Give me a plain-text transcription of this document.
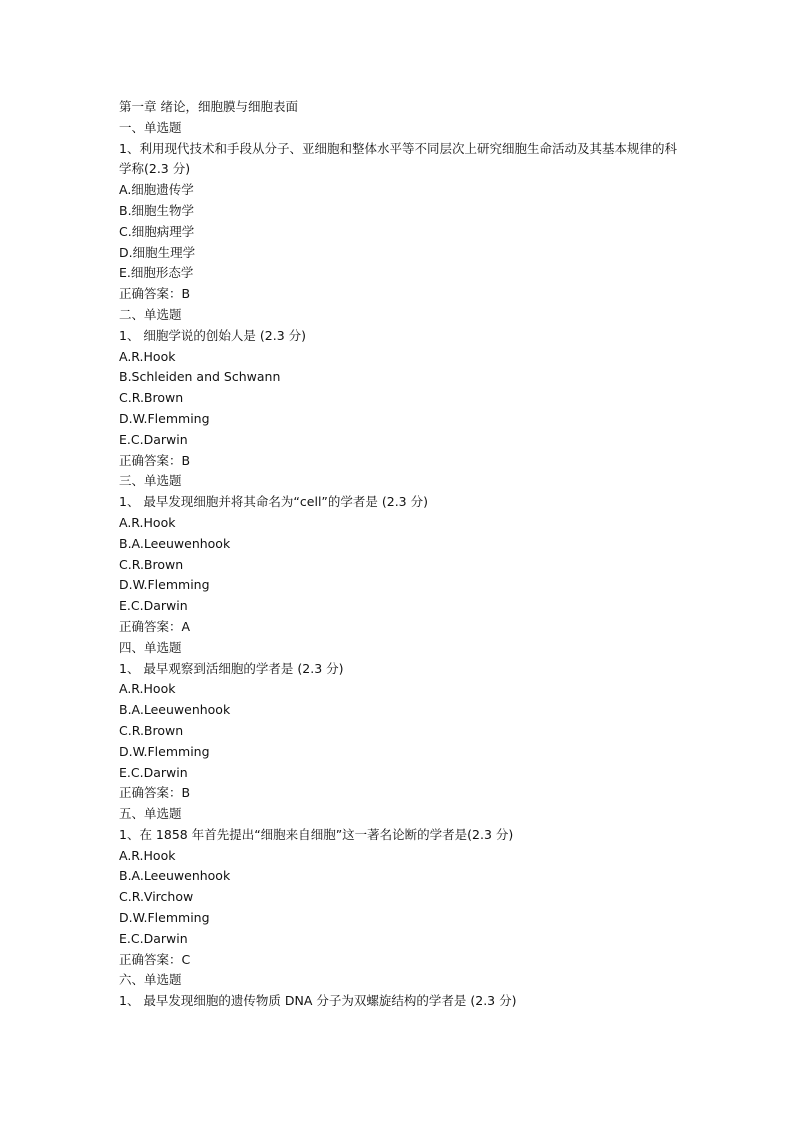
第一章 绪论，细胞膜与细胞表面
一、单选题
1、利用现代技术和手段从分子、亚细胞和整体水平等不同层次上研究细胞生命活动及其基本规律的科学称(2.3 分)
A.细胞遗传学
B.细胞生物学
C.细胞病理学
D.细胞生理学
E.细胞形态学
正确答案：B
二、单选题
1、 细胞学说的创始人是 (2.3 分)
A.R.Hook
B.Schleiden and Schwann
C.R.Brown
D.W.Flemming
E.C.Darwin
正确答案：B
三、单选题
1、 最早发现细胞并将其命名为“cell”的学者是 (2.3 分)
A.R.Hook
B.A.Leeuwenhook
C.R.Brown
D.W.Flemming
E.C.Darwin
正确答案：A
四、单选题
1、 最早观察到活细胞的学者是 (2.3 分)
A.R.Hook
B.A.Leeuwenhook
C.R.Brown
D.W.Flemming
E.C.Darwin
正确答案：B
五、单选题
1、在 1858 年首先提出“细胞来自细胞”这一著名论断的学者是(2.3 分)
A.R.Hook
B.A.Leeuwenhook
C.R.Virchow
D.W.Flemming
E.C.Darwin
正确答案：C
六、单选题
1、 最早发现细胞的遗传物质 DNA 分子为双螺旋结构的学者是 (2.3 分)
